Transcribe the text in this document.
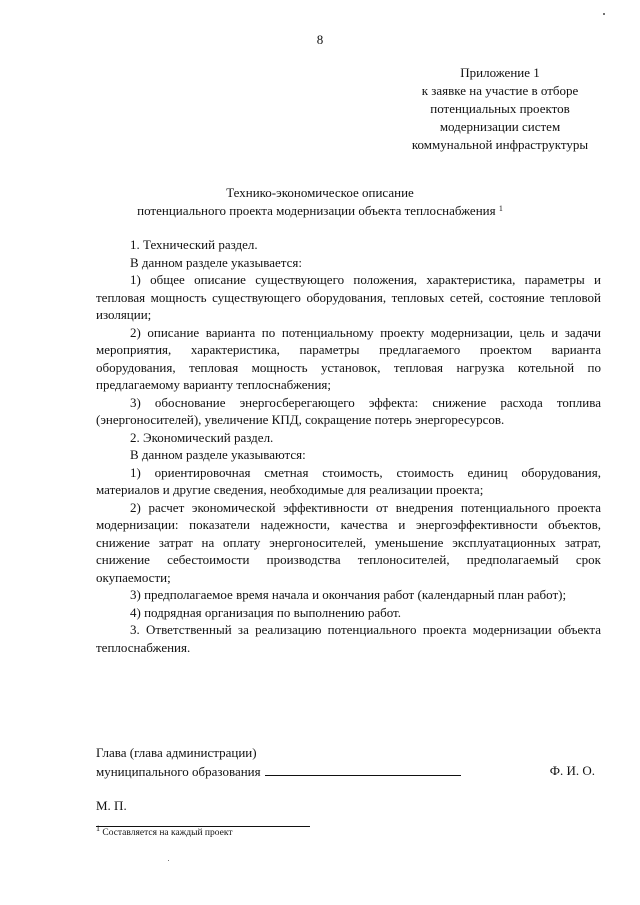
8
Приложение 1
к заявке на участие в отборе
потенциальных проектов
модернизации систем
коммунальной инфраструктуры
Технико-экономическое описание
потенциального проекта модернизации объекта теплоснабжения $^1$

1. Технический раздел.

В данном разделе указывается:

1) общее описание существующего положения, характеристика, параметры и тепловая мощность существующего оборудования, тепловых сетей, состояние тепловой изоляции;

2) описание варианта по потенциальному проекту модернизации, цель и задачи мероприятия, характеристика, параметры предлагаемого проектом варианта оборудования, тепловая мощность установок, тепловая нагрузка котельной по предлагаемому варианту теплоснабжения;

3) обоснование энергосберегающего эффекта: снижение расхода топлива (энергоносителей), увеличение КПД, сокращение потерь энергоресурсов.

2. Экономический раздел.

В данном разделе указываются:

1) ориентировочная сметная стоимость, стоимость единиц оборудования, материалов и другие сведения, необходимые для реализации проекта;

2) расчет экономической эффективности от внедрения потенциального проекта модернизации: показатели надежности, качества и энергоэффективности объектов, снижение затрат на оплату энергоносителей, уменьшение эксплуатационных затрат, снижение себестоимости производства теплоносителей, предполагаемый срок окупаемости;

3) предполагаемое время начала и окончания работ (календарный план работ);

4) подрядная организация по выполнению работ.

3. Ответственный за реализацию потенциального проекта модернизации объекта теплоснабжения.

Глава (глава администрации)
муниципального образования	Ф. И. О.
М. П.
$^1$ Составляется на каждый проект
